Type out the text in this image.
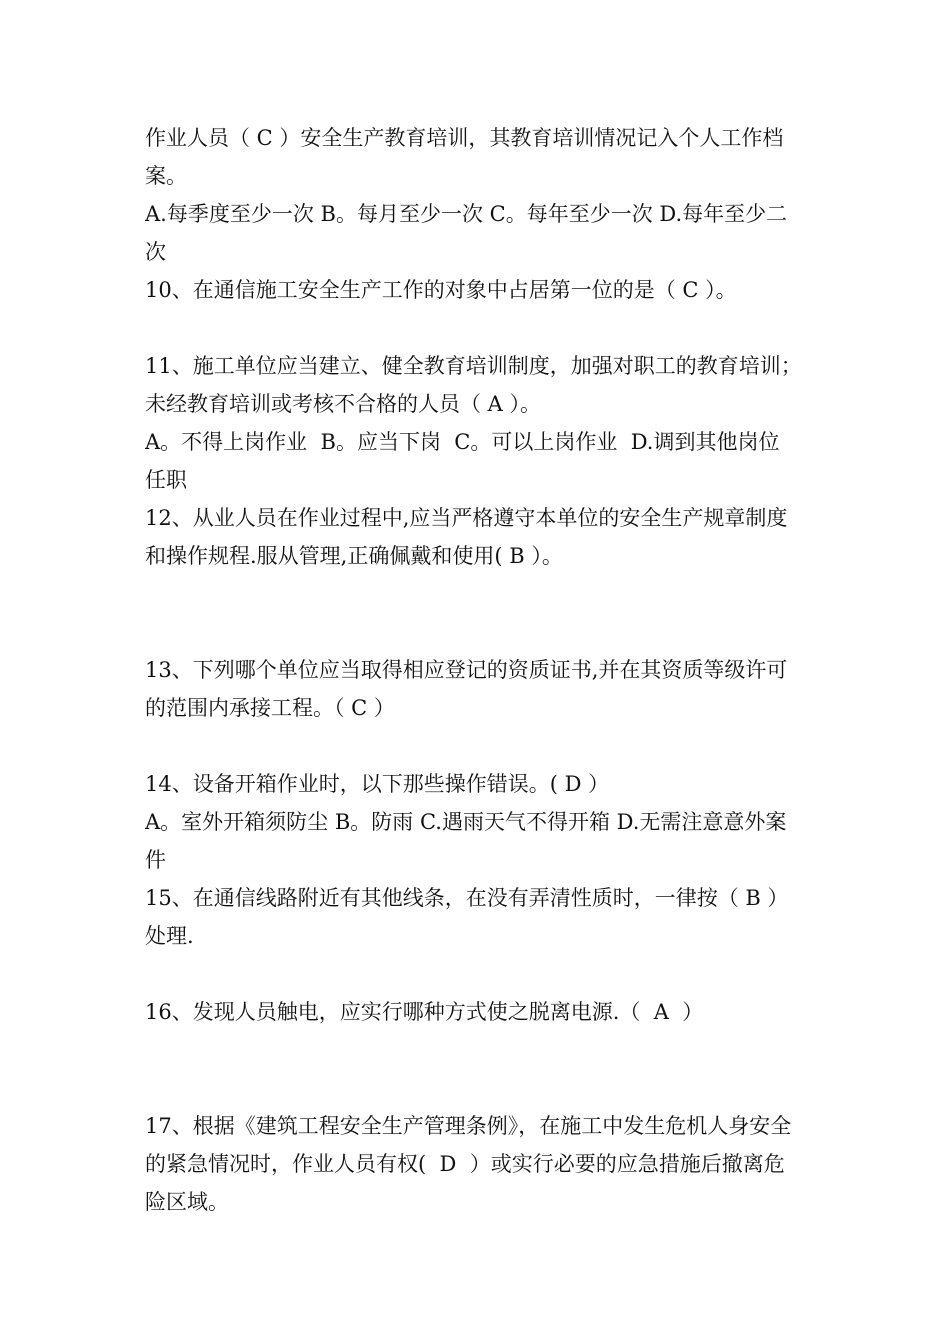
作业人员（ C ）安全生产教育培训，其教育培训情况记入个人工作档
案。
A.每季度至少一次 B。每月至少一次 C。每年至少一次 D.每年至少二
次
10、在通信施工安全生产工作的对象中占居第一位的是（ C ）。

11、施工单位应当建立、健全教育培训制度，加强对职工的教育培训；
未经教育培训或考核不合格的人员（ A ）。
A。不得上岗作业  B。应当下岗  C。可以上岗作业  D.调到其他岗位
任职
12、从业人员在作业过程中,应当严格遵守本单位的安全生产规章制度
和操作规程.服从管理,正确佩戴和使用( B ）。

13、下列哪个单位应当取得相应登记的资质证书,并在其资质等级许可
的范围内承接工程。（ C ）

14、设备开箱作业时，以下那些操作错误。( D ）
A。室外开箱须防尘 B。防雨 C.遇雨天气不得开箱 D.无需注意意外案
件
15、在通信线路附近有其他线条，在没有弄清性质时，一律按（ B ）
处理.

16、发现人员触电，应实行哪种方式使之脱离电源.（  A  ）

17、根据《建筑工程安全生产管理条例》，在施工中发生危机人身安全
的紧急情况时，作业人员有权(  D  ）或实行必要的应急措施后撤离危
险区域。
